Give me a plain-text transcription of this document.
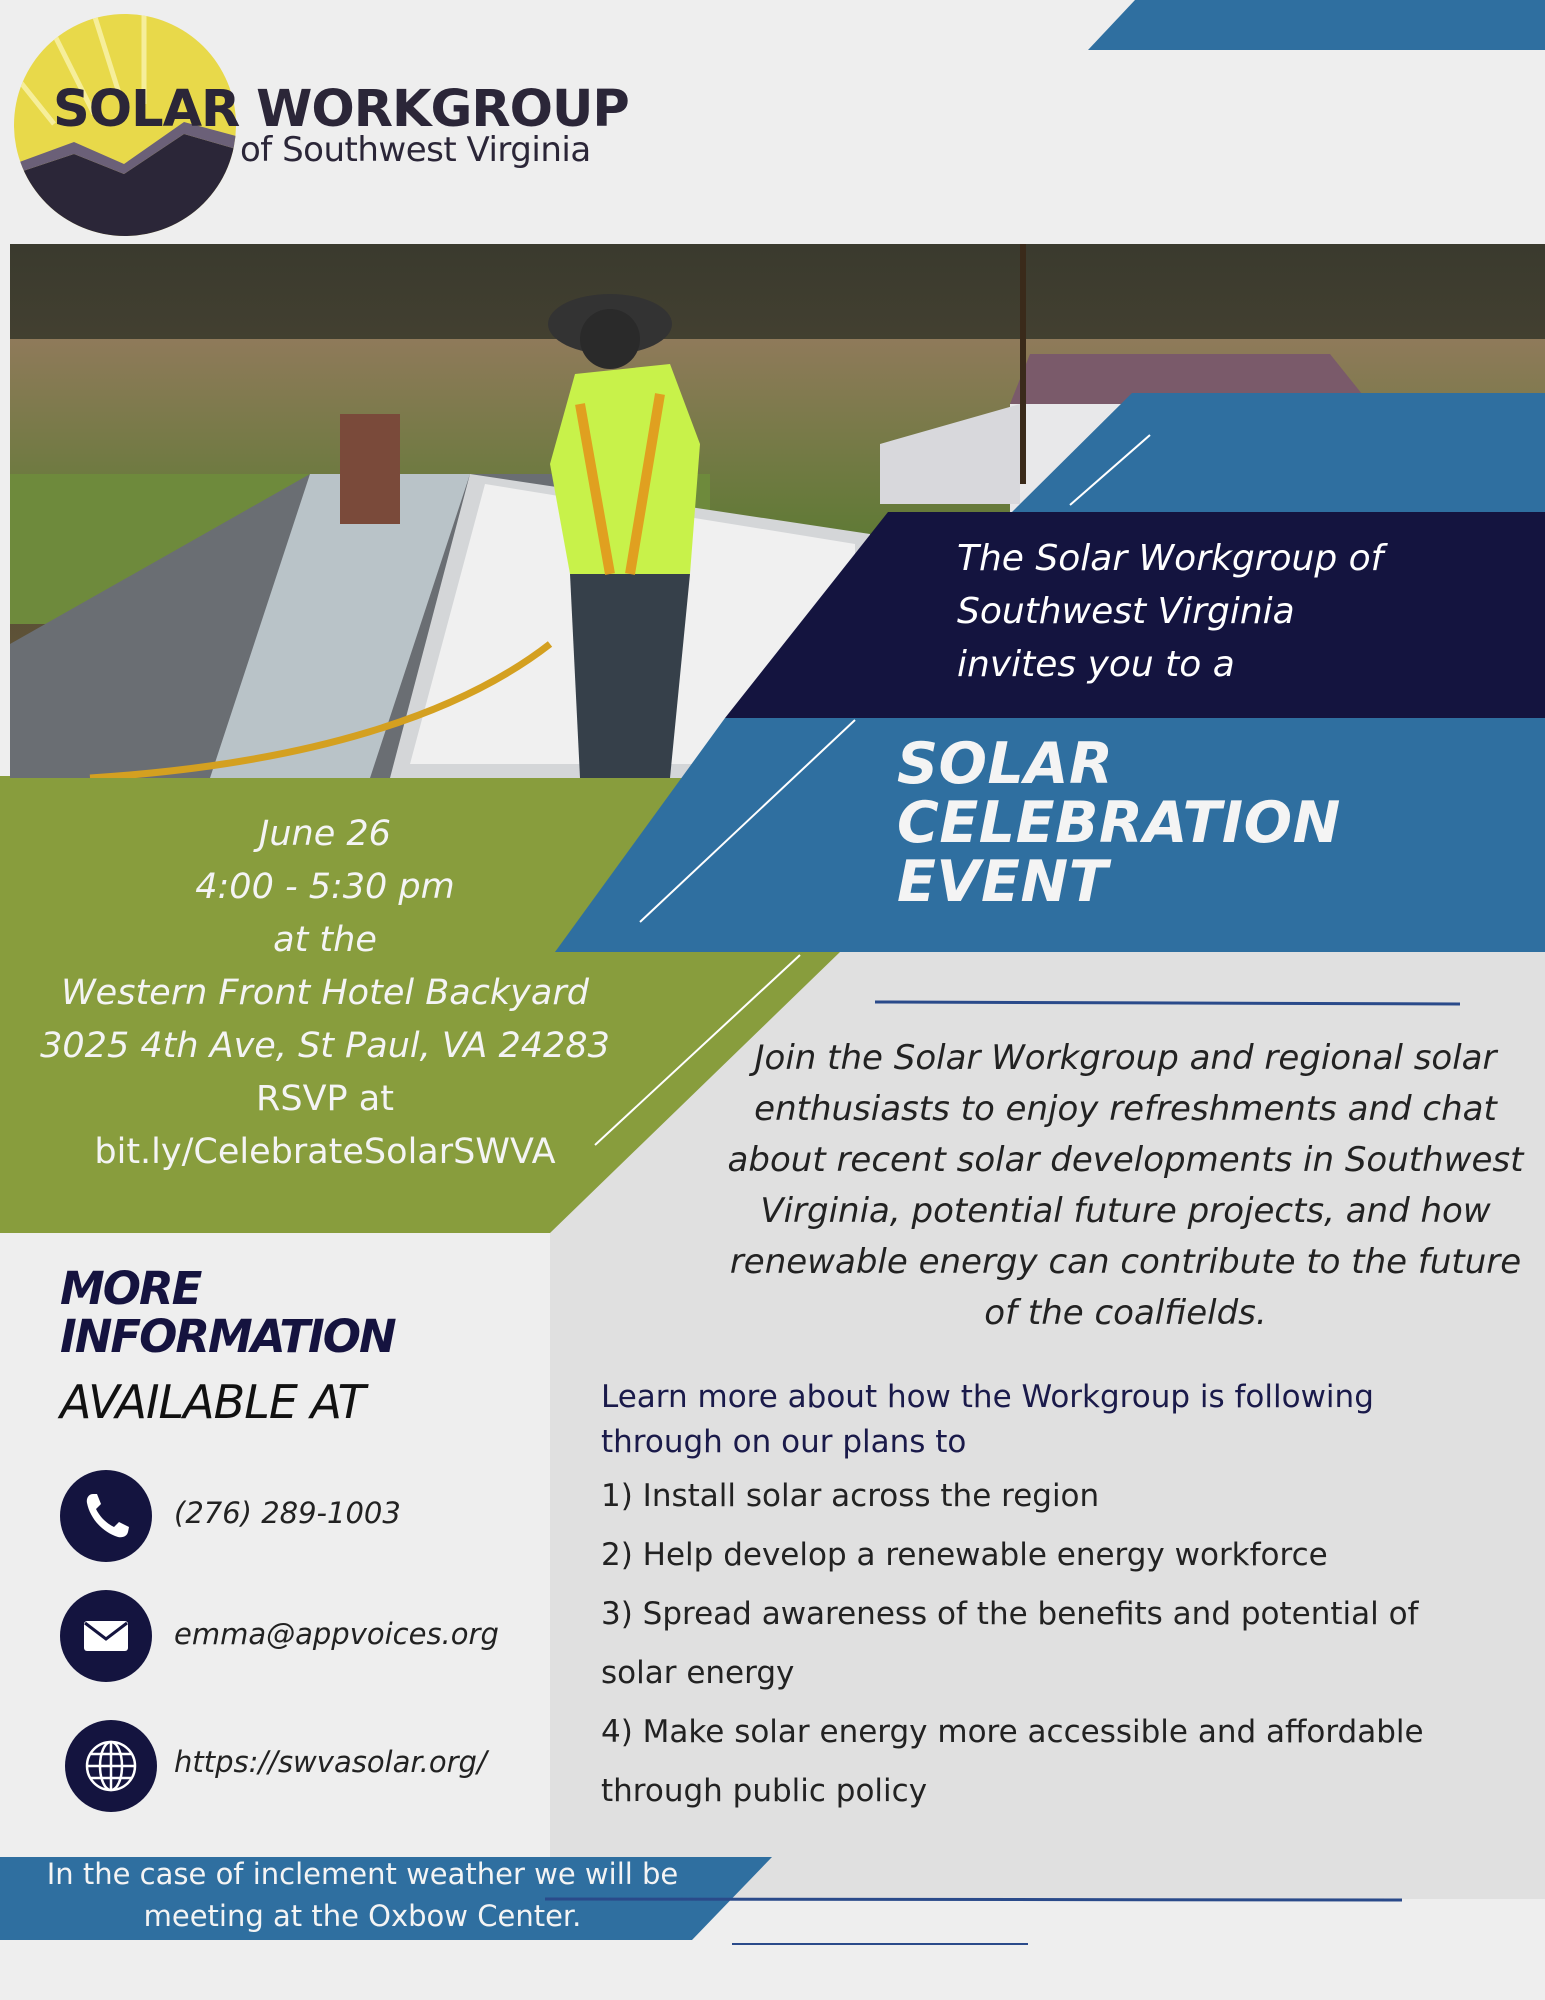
SOLAR WORKGROUP
of Southwest Virginia
The Solar Workgroup of
Southwest Virginia
invites you to a
SOLAR
CELEBRATION
EVENT
June 26
4:00 - 5:30 pm
at the
Western Front Hotel Backyard
3025 4th Ave, St Paul, VA 24283
RSVP at
bit.ly/CelebrateSolarSWVA
Join the Solar Workgroup and regional solar enthusiasts to enjoy refreshments and chat about recent solar developments in Southwest Virginia, potential future projects, and how renewable energy can contribute to the future of the coalfields.
Learn more about how the Workgroup is following through on our plans to
1) Install solar across the region
2) Help develop a renewable energy workforce
3) Spread awareness of the benefits and potential of solar energy
4) Make solar energy more accessible and affordable through public policy
MORE
INFORMATION
AVAILABLE AT
(276) 289-1003
emma@appvoices.org
https://swvasolar.org/
In the case of inclement weather we will be meeting at the Oxbow Center.
